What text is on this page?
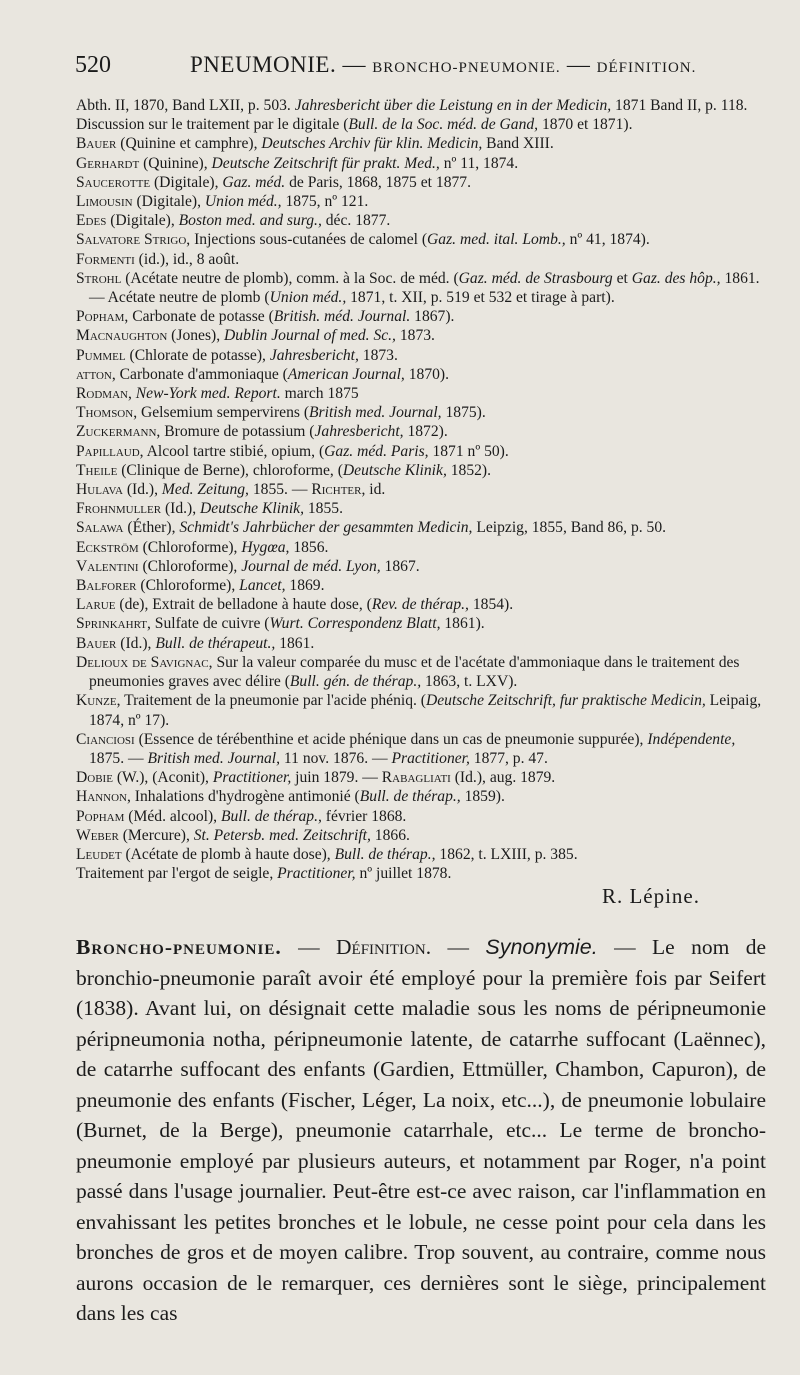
520	PNEUMONIE. — BRONCHO-PNEUMONIE. — DÉFINITION.
Abth. II, 1870, Band LXII, p. 503. Jahresbericht über die Leistung en in der Medicin, 1871 Band II, p. 118.
Discussion sur le traitement par le digitale (Bull. de la Soc. méd. de Gand, 1870 et 1871).
Bauer (Quinine et camphre), Deutsches Archiv für klin. Medicin, Band XIII.
Gerhardt (Quinine), Deutsche Zeitschrift für prakt. Med., nº 11, 1874.
Saucerotte (Digitale), Gaz. méd. de Paris, 1868, 1875 et 1877.
Limousin (Digitale), Union méd., 1875, nº 121.
Edes (Digitale), Boston med. and surg., déc. 1877.
Salvatore Strigo, Injections sous-cutanées de calomel (Gaz. med. ital. Lomb., nº 41, 1874).
Formenti (id.), id., 8 août.
Strohl (Acétate neutre de plomb), comm. à la Soc. de méd. (Gaz. méd. de Strasbourg et Gaz. des hôp., 1861. — Acétate neutre de plomb (Union méd., 1871, t. XII, p. 519 et 532 et tirage à part).
Popham, Carbonate de potasse (British. méd. Journal. 1867).
Macnaughton (Jones), Dublin Journal of med. Sc., 1873.
Pummel (Chlorate de potasse), Jahresbericht, 1873.
atton, Carbonate d'ammoniaque (American Journal, 1870).
Rodman, New-York med. Report. march 1875
Thomson, Gelsemium sempervirens (British med. Journal, 1875).
Zuckermann, Bromure de potassium (Jahresbericht, 1872).
Papillaud, Alcool tartre stibié, opium, (Gaz. méd. Paris, 1871 nº 50).
Theile (Clinique de Berne), chloroforme, (Deutsche Klinik, 1852).
Hulava (Id.), Med. Zeitung, 1855. — Richter, id.
Frohnmuller (Id.), Deutsche Klinik, 1855.
Salawa (Éther), Schmidt's Jahrbücher der gesammten Medicin, Leipzig, 1855, Band 86, p. 50.
Eckström (Chloroforme), Hygœa, 1856.
Valentini (Chloroforme), Journal de méd. Lyon, 1867.
Balforer (Chloroforme), Lancet, 1869.
Larue (de), Extrait de belladone à haute dose, (Rev. de thérap., 1854).
Sprinkahrt, Sulfate de cuivre (Wurt. Correspondenz Blatt, 1861).
Bauer (Id.), Bull. de thérapeut., 1861.
Delioux de Savignac, Sur la valeur comparée du musc et de l'acétate d'ammoniaque dans le traitement des pneumonies graves avec délire (Bull. gén. de thérap., 1863, t. LXV).
Kunze, Traitement de la pneumonie par l'acide phéniq. (Deutsche Zeitschrift, fur praktische Medicin, Leipaig, 1874, nº 17).
Cianciosi (Essence de térébenthine et acide phénique dans un cas de pneumonie suppurée), Indépendente, 1875. — British med. Journal, 11 nov. 1876. — Practitioner, 1877, p. 47.
Dobie (W.), (Aconit), Practitioner, juin 1879. — Rabagliati (Id.), aug. 1879.
Hannon, Inhalations d'hydrogène antimonié (Bull. de thérap., 1859).
Popham (Méd. alcool), Bull. de thérap., février 1868.
Weber (Mercure), St. Petersb. med. Zeitschrift, 1866.
Leudet (Acétate de plomb à haute dose), Bull. de thérap., 1862, t. LXIII, p. 385.
Traitement par l'ergot de seigle, Practitioner, nº juillet 1878.
R. Lépine.
Broncho-pneumonie. — Définition. — Synonymie. — Le nom de bronchio-pneumonie paraît avoir été employé pour la première fois par Seifert (1838). Avant lui, on désignait cette maladie sous les noms de péripneumonie péripneumonia notha, péripneumonie latente, de catarrhe suffocant (Laënnec), de catarrhe suffocant des enfants (Gardien, Ettmüller, Chambon, Capuron), de pneumonie des enfants (Fischer, Léger, La noix, etc...), de pneumonie lobulaire (Burnet, de la Berge), pneumonie catarrhale, etc... Le terme de broncho-pneumonie employé par plusieurs auteurs, et notamment par Roger, n'a point passé dans l'usage journalier. Peut-être est-ce avec raison, car l'inflammation en envahissant les petites bronches et le lobule, ne cesse point pour cela dans les bronches de gros et de moyen calibre. Trop souvent, au contraire, comme nous aurons occasion de le remarquer, ces dernières sont le siège, principalement dans les cas
